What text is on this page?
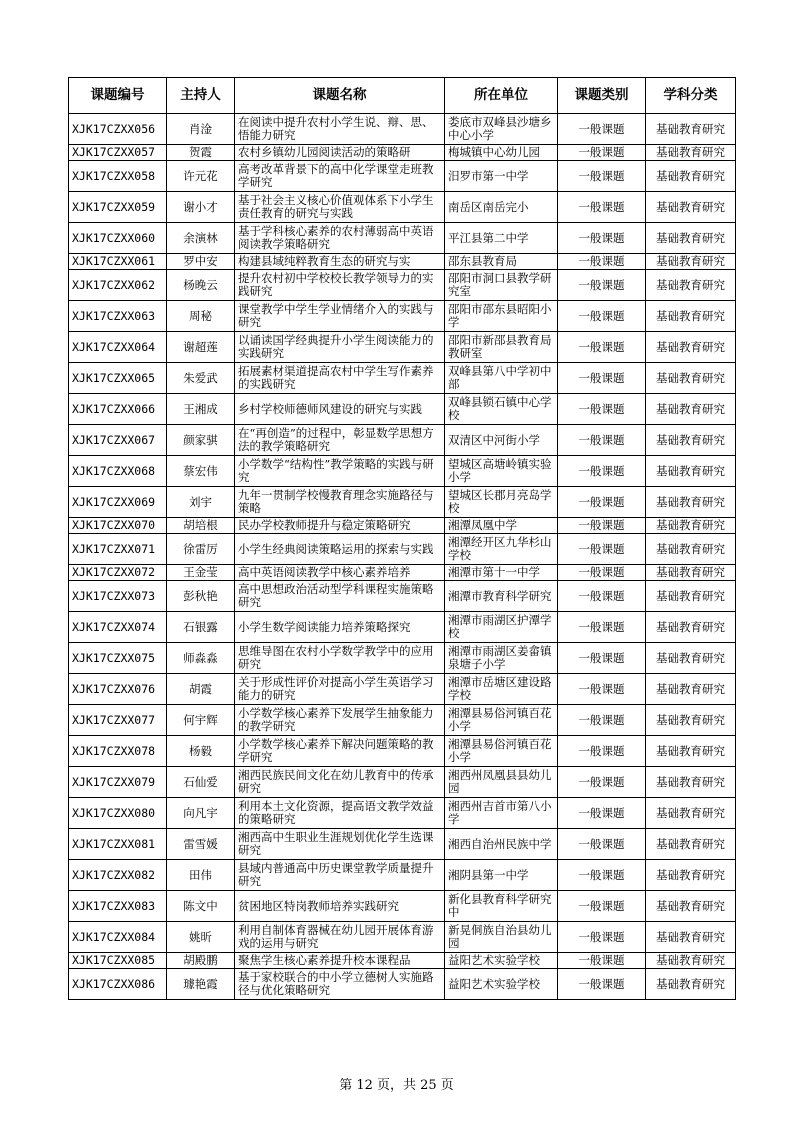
课题编号	主持人	课题名称	所在单位	课题类别	学科分类
XJK17CZXX056	肖淦	在阅读中提升农村小学生说、辩、思、悟能力研究	娄底市双峰县沙塘乡中心小学	一般课题	基础教育研究
XJK17CZXX057	贺霞	农村乡镇幼儿园阅读活动的策略研	梅城镇中心幼儿园	一般课题	基础教育研究
XJK17CZXX058	许元花	高考改革背景下的高中化学课堂走班教学研究	汨罗市第一中学	一般课题	基础教育研究
XJK17CZXX059	谢小才	基于社会主义核心价值观体系下小学生责任教育的研究与实践	南岳区南岳完小	一般课题	基础教育研究
XJK17CZXX060	余演林	基于学科核心素养的农村薄弱高中英语阅读教学策略研究	平江县第二中学	一般课题	基础教育研究
XJK17CZXX061	罗中安	构建县域纯粹教育生态的研究与实	邵东县教育局	一般课题	基础教育研究
XJK17CZXX062	杨晚云	提升农村初中学校校长教学领导力的实践研究	邵阳市洞口县教学研究室	一般课题	基础教育研究
XJK17CZXX063	周秘	课堂教学中学生学业情绪介入的实践与研究	邵阳市邵东县昭阳小学	一般课题	基础教育研究
XJK17CZXX064	谢超莲	以诵读国学经典提升小学生阅读能力的实践研究	邵阳市新邵县教育局教研室	一般课题	基础教育研究
XJK17CZXX065	朱爱武	拓展素材渠道提高农村中学生写作素养的实践研究	双峰县第八中学初中部	一般课题	基础教育研究
XJK17CZXX066	王湘成	乡村学校师德师风建设的研究与实践	双峰县锁石镇中心学校	一般课题	基础教育研究
XJK17CZXX067	颜家骐	在“再创造”的过程中，彰显数学思想方法的教学策略研究	双清区中河街小学	一般课题	基础教育研究
XJK17CZXX068	蔡宏伟	小学数学“结构性”教学策略的实践与研究	望城区高塘岭镇实验小学	一般课题	基础教育研究
XJK17CZXX069	刘宇	九年一贯制学校慢教育理念实施路径与策略	望城区长郡月亮岛学校	一般课题	基础教育研究
XJK17CZXX070	胡培根	民办学校教师提升与稳定策略研究	湘潭凤凰中学	一般课题	基础教育研究
XJK17CZXX071	徐雷厉	小学生经典阅读策略运用的探索与实践	湘潭经开区九华杉山学校	一般课题	基础教育研究
XJK17CZXX072	王金莹	高中英语阅读教学中核心素养培养	湘潭市第十一中学	一般课题	基础教育研究
XJK17CZXX073	彭秋艳	高中思想政治活动型学科课程实施策略研究	湘潭市教育科学研究	一般课题	基础教育研究
XJK17CZXX074	石银露	小学生数学阅读能力培养策略探究	湘潭市雨湖区护潭学校	一般课题	基础教育研究
XJK17CZXX075	师淼淼	思维导图在农村小学数学教学中的应用研究	湘潭市雨湖区姜畲镇泉塘子小学	一般课题	基础教育研究
XJK17CZXX076	胡霞	关于形成性评价对提高小学生英语学习能力的研究	湘潭市岳塘区建设路学校	一般课题	基础教育研究
XJK17CZXX077	何宇辉	小学数学核心素养下发展学生抽象能力的教学研究	湘潭县易俗河镇百花小学	一般课题	基础教育研究
XJK17CZXX078	杨毅	小学数学核心素养下解决问题策略的教学研究	湘潭县易俗河镇百花小学	一般课题	基础教育研究
XJK17CZXX079	石仙爱	湘西民族民间文化在幼儿教育中的传承研究	湘西州凤凰县县幼儿园	一般课题	基础教育研究
XJK17CZXX080	向凡宇	利用本土文化资源，提高语文教学效益的策略研究	湘西州吉首市第八小学	一般课题	基础教育研究
XJK17CZXX081	雷雪媛	湘西高中生职业生涯规划优化学生选课研究	湘西自治州民族中学	一般课题	基础教育研究
XJK17CZXX082	田伟	县域内普通高中历史课堂教学质量提升研究	湘阴县第一中学	一般课题	基础教育研究
XJK17CZXX083	陈文中	贫困地区特岗教师培养实践研究	新化县教育科学研究中	一般课题	基础教育研究
XJK17CZXX084	姚昕	利用自制体育器械在幼儿园开展体育游戏的运用与研究	新晃侗族自治县幼儿园	一般课题	基础教育研究
XJK17CZXX085	胡殿鹏	聚焦学生核心素养提升校本课程品	益阳艺术实验学校	一般课题	基础教育研究
XJK17CZXX086	璩艳霞	基于家校联合的中小学立德树人实施路径与优化策略研究	益阳艺术实验学校	一般课题	基础教育研究
第 12 页，共 25 页
